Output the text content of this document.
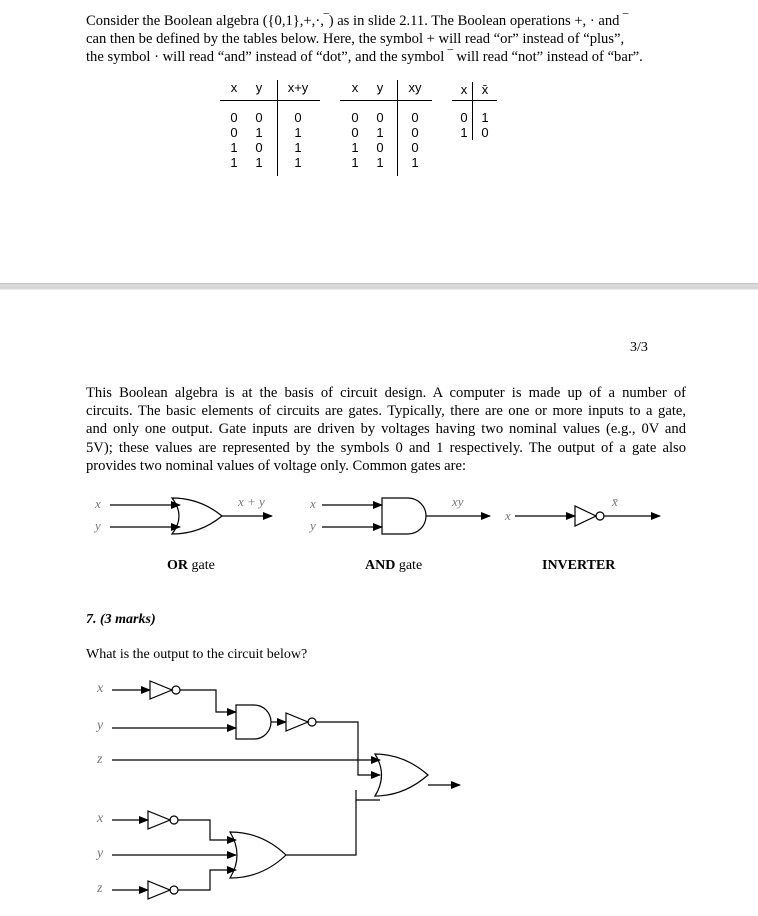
Consider the Boolean algebra ({0,1},+,·,‾) as in slide 2.11. The Boolean operations +, · and ‾
can then be defined by the tables below. Here, the symbol + will read “or” instead of “plus”,
the symbol · will read “and” instead of “dot”, and the symbol ‾ will read “not” instead of “bar”.
x	y	x+y
0	0	0
0	1	1
1	0	1
1	1	1
x	y	xy
0	0	0
0	1	0
1	0	0
1	1	1
x	x̄
0	1
1	0
3/3
This Boolean algebra is at the basis of circuit design. A computer is made up of a number of
circuits. The basic elements of circuits are gates. Typically, there are one or more inputs to a gate,
and only one output. Gate inputs are driven by voltages having two nominal values (e.g., 0V and
5V); these values are represented by the symbols 0 and 1 respectively. The output of a gate also
provides two nominal values of voltage only. Common gates are:
x
y
x + y	x
y
xy
x
x̄
OR gate	AND gate	INVERTER
7. (3 marks)
What is the output to the circuit below?
x
y
z
x
y
z
